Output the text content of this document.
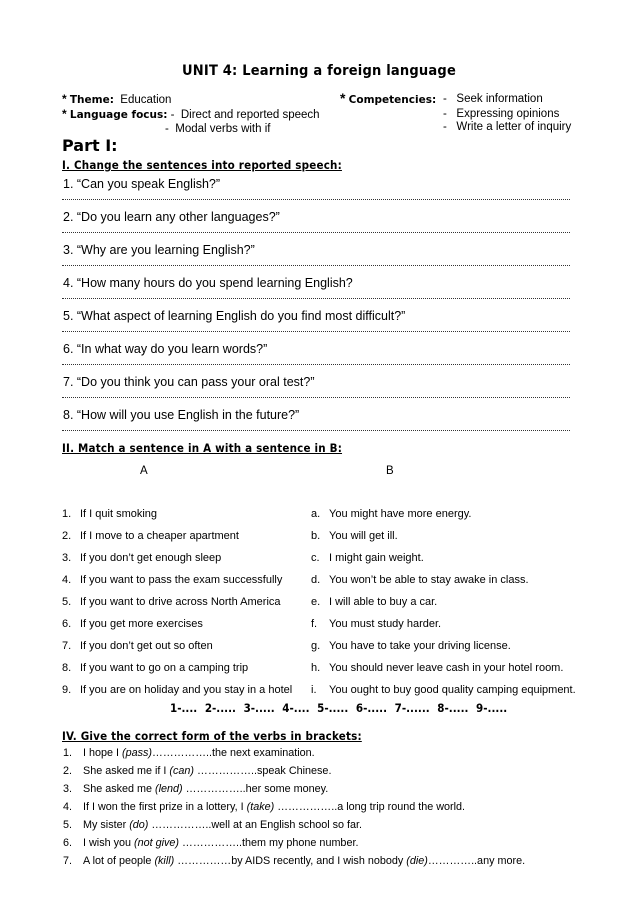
UNIT 4: Learning a foreign language
* Theme: Education
* Language focus: -  Direct and reported speech
-  Modal verbs with if
* Competencies: -   Seek information
-   Expressing opinions
-   Write a letter of inquiry
Part I:
I. Change the sentences into reported speech:
1. “Can you speak English?”
2. “Do you learn any other languages?”
3. “Why are you learning English?”
4. “How many hours do you spend learning English?
5. “What aspect of learning English do you find most difficult?”
6. “In what way do you learn words?”
7. “Do you think you can pass your oral test?”
8. “How will you use English in the future?”
II. Match a sentence in A with a sentence in B:
A	B
1. If I quit smoking
2. If I move to a cheaper apartment
3. If you don’t get enough sleep
4. If you want to pass the exam successfully
5. If you want to drive across North America
6. If you get more exercises
7. If you don’t get out so often
8. If you want to go on a camping trip
9. If you are on holiday and you stay in a hotel
a. You might have more energy.
b. You will get ill.
c. I might gain weight.
d. You won’t be able to stay awake in class.
e. I will able to buy a car.
f. You must study harder.
g. You have to take your driving license.
h. You should never leave cash in your hotel room.
i. You ought to buy good quality camping equipment.
1-.... 2-..... 3-..... 4-.... 5-..... 6-..... 7-...... 8-..... 9-.....
IV. Give the correct form of the verbs in brackets:
1. I hope I (pass)……………..the next examination.
2. She asked me if I (can) ……………..speak Chinese.
3. She asked me (lend) ……………..her some money.
4. If I won the first prize in a lottery, I (take) ……………..a long trip round the world.
5. My sister (do) ……………..well at an English school so far.
6. I wish you (not give) ……………..them my phone number.
7. A lot of people (kill) ……………by AIDS recently, and I wish nobody (die)…………..any more.
